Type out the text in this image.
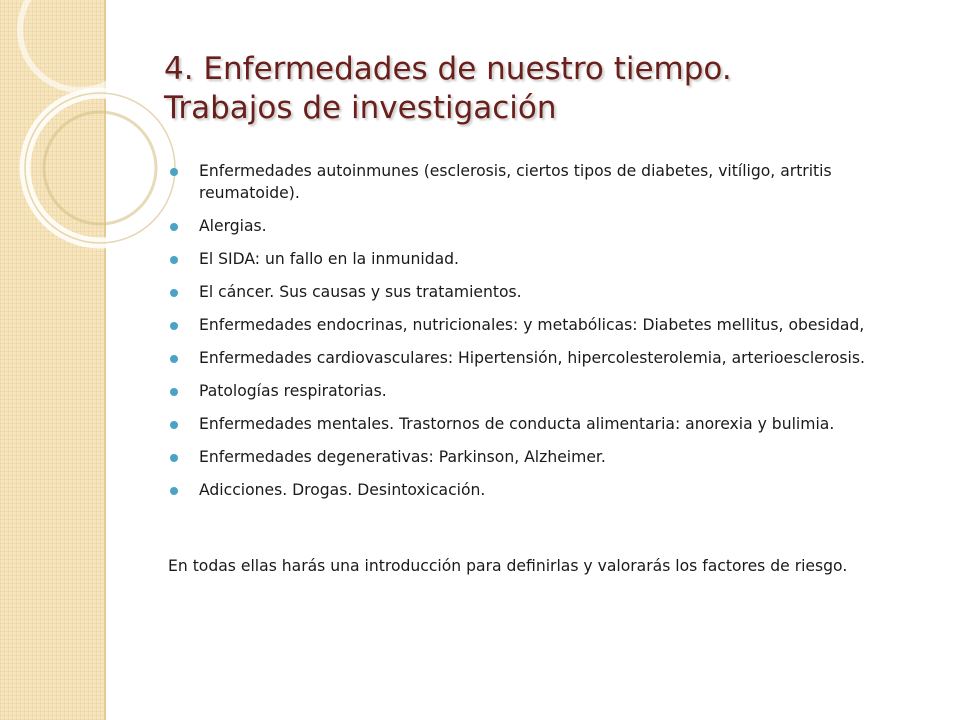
4. Enfermedades de nuestro tiempo.
Trabajos de investigación
Enfermedades autoinmunes (esclerosis, ciertos tipos de diabetes, vitíligo, artritis reumatoide).
Alergias.
El SIDA: un fallo en la inmunidad.
El cáncer. Sus causas y sus tratamientos.
Enfermedades endocrinas, nutricionales: y metabólicas: Diabetes mellitus, obesidad,
Enfermedades cardiovasculares: Hipertensión, hipercolesterolemia, arterioesclerosis.
Patologías respiratorias.
Enfermedades mentales. Trastornos de conducta alimentaria: anorexia y bulimia.
Enfermedades degenerativas: Parkinson, Alzheimer.
Adicciones. Drogas. Desintoxicación.
En todas ellas harás una introducción para definirlas y valorarás los factores de riesgo.
